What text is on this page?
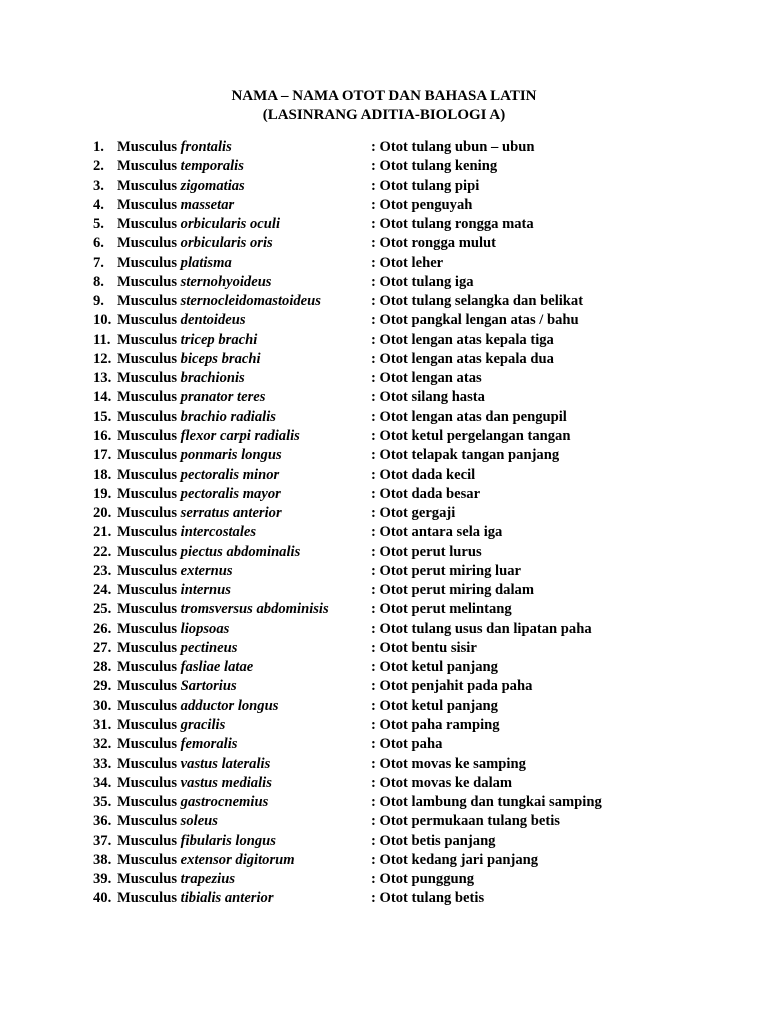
NAMA – NAMA OTOT DAN BAHASA LATIN
(LASINRANG ADITIA-BIOLOGI A)
1. Musculus frontalis	: Otot tulang ubun – ubun
2. Musculus temporalis	: Otot tulang kening
3. Musculus zigomatias	: Otot tulang pipi
4. Musculus massetar	: Otot penguyah
5. Musculus orbicularis oculi	: Otot tulang rongga mata
6. Musculus orbicularis oris	: Otot rongga mulut
7. Musculus platisma	: Otot leher
8. Musculus sternohyoideus	: Otot tulang iga
9. Musculus sternocleidomastoideus	: Otot tulang selangka dan belikat
10. Musculus dentoideus	: Otot pangkal lengan atas / bahu
11. Musculus tricep brachi	: Otot lengan atas kepala tiga
12. Musculus biceps brachi	: Otot lengan atas kepala dua
13. Musculus brachionis	: Otot lengan atas
14. Musculus pranator teres	: Otot silang hasta
15. Musculus brachio radialis	: Otot lengan atas dan pengupil
16. Musculus flexor carpi radialis	: Otot ketul pergelangan tangan
17. Musculus ponmaris longus	: Otot telapak tangan panjang
18. Musculus pectoralis minor	: Otot dada kecil
19. Musculus pectoralis mayor	: Otot dada besar
20. Musculus serratus anterior	: Otot gergaji
21. Musculus intercostales	: Otot antara sela iga
22. Musculus piectus abdominalis	: Otot perut lurus
23. Musculus externus	: Otot perut miring luar
24. Musculus internus	: Otot perut miring dalam
25. Musculus tromsversus abdominisis	: Otot perut melintang
26. Musculus liopsoas	: Otot tulang usus dan lipatan paha
27. Musculus pectineus	: Otot bentu sisir
28. Musculus fasliae latae	: Otot ketul panjang
29. Musculus Sartorius	: Otot penjahit pada paha
30. Musculus adductor longus	: Otot ketul panjang
31. Musculus gracilis	: Otot paha ramping
32. Musculus femoralis	: Otot paha
33. Musculus vastus lateralis	: Otot movas ke samping
34. Musculus vastus medialis	: Otot movas ke dalam
35. Musculus gastrocnemius	: Otot lambung dan tungkai samping
36. Musculus soleus	: Otot permukaan tulang betis
37. Musculus fibularis longus	: Otot betis panjang
38. Musculus extensor digitorum	: Otot kedang jari panjang
39. Musculus trapezius	: Otot punggung
40. Musculus tibialis anterior	: Otot tulang betis
